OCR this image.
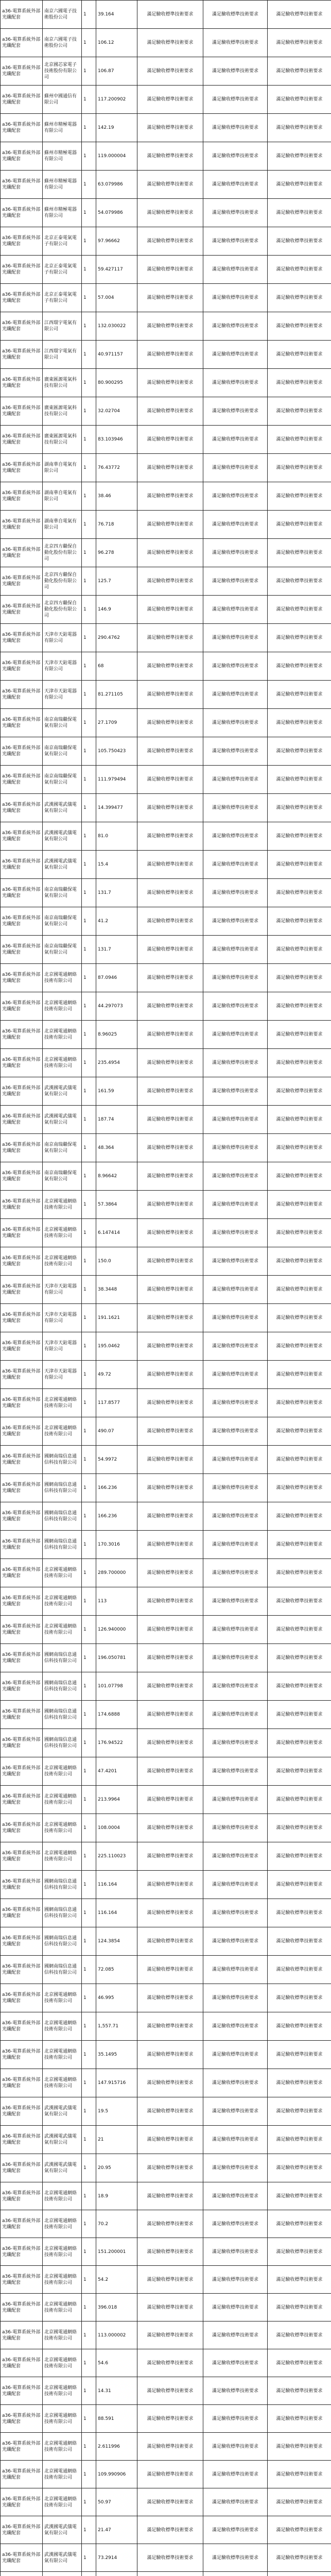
a36-電算系統外部光纖配套	南京六國電子技術股份公司	1	39.164	滿足驗收標準技術要求	滿足驗收標準技術要求	滿足驗收標準技術要求
a36-電算系統外部光纖配套	南京六國電子技術股份公司	1	106.12	滿足驗收標準技術要求	滿足驗收標準技術要求	滿足驗收標準技術要求
a36-電算系統外部光纖配套	北京國芯家電子技術股份有限公司	1	106.87	滿足驗收標準技術要求	滿足驗收標準技術要求	滿足驗收標準技術要求
a36-電算系統外部光纖配套	蘇州中國通信有限公司	1	117.200902	滿足驗收標準技術要求	滿足驗收標準技術要求	滿足驗收標準技術要求
a36-電算系統外部光纖配套	蘇州市精極電器有限公司	1	142.19	滿足驗收標準技術要求	滿足驗收標準技術要求	滿足驗收標準技術要求
a36-電算系統外部光纖配套	蘇州市精極電器有限公司	1	119.000004	滿足驗收標準技術要求	滿足驗收標準技術要求	滿足驗收標準技術要求
a36-電算系統外部光纖配套	蘇州市精極電器有限公司	1	63.079986	滿足驗收標準技術要求	滿足驗收標準技術要求	滿足驗收標準技術要求
a36-電算系統外部光纖配套	蘇州市精極電器有限公司	1	54.079986	滿足驗收標準技術要求	滿足驗收標準技術要求	滿足驗收標準技術要求
a36-電算系統外部光纖配套	北京正泰電氣電子有限公司	1	97.96662	滿足驗收標準技術要求	滿足驗收標準技術要求	滿足驗收標準技術要求
a36-電算系統外部光纖配套	北京正泰電氣電子有限公司	1	59.427117	滿足驗收標準技術要求	滿足驗收標準技術要求	滿足驗收標準技術要求
a36-電算系統外部光纖配套	北京正泰電氣電子有限公司	1	57.004	滿足驗收標準技術要求	滿足驗收標準技術要求	滿足驗收標準技術要求
a36-電算系統外部光纖配套	江西環宇電氣有限公司	1	132.030022	滿足驗收標準技術要求	滿足驗收標準技術要求	滿足驗收標準技術要求
a36-電算系統外部光纖配套	江西環宇電氣有限公司	1	40.971157	滿足驗收標準技術要求	滿足驗收標準技術要求	滿足驗收標準技術要求
a36-電算系統外部光纖配套	廣東匯源電氣科技有限公司	1	80.900295	滿足驗收標準技術要求	滿足驗收標準技術要求	滿足驗收標準技術要求
a36-電算系統外部光纖配套	廣東匯源電氣科技有限公司	1	32.02704	滿足驗收標準技術要求	滿足驗收標準技術要求	滿足驗收標準技術要求
a36-電算系統外部光纖配套	廣東匯源電氣科技有限公司	1	83.103946	滿足驗收標準技術要求	滿足驗收標準技術要求	滿足驗收標準技術要求
a36-電算系統外部光纖配套	湖南華自電氣有限公司	1	76.43772	滿足驗收標準技術要求	滿足驗收標準技術要求	滿足驗收標準技術要求
a36-電算系統外部光纖配套	湖南華自電氣有限公司	1	38.46	滿足驗收標準技術要求	滿足驗收標準技術要求	滿足驗收標準技術要求
a36-電算系統外部光纖配套	湖南華自電氣有限公司	1	76.718	滿足驗收標準技術要求	滿足驗收標準技術要求	滿足驗收標準技術要求
a36-電算系統外部光纖配套	北京四方繼保自動化股份有限公司	1	96.278	滿足驗收標準技術要求	滿足驗收標準技術要求	滿足驗收標準技術要求
a36-電算系統外部光纖配套	北京四方繼保自動化股份有限公司	1	125.7	滿足驗收標準技術要求	滿足驗收標準技術要求	滿足驗收標準技術要求
a36-電算系統外部光纖配套	北京四方繼保自動化股份有限公司	1	146.9	滿足驗收標準技術要求	滿足驗收標準技術要求	滿足驗收標準技術要求
a36-電算系統外部光纖配套	天津市天鉆電器有限公司	1	290.4762	滿足驗收標準技術要求	滿足驗收標準技術要求	滿足驗收標準技術要求
a36-電算系統外部光纖配套	天津市天鉆電器有限公司	1	68	滿足驗收標準技術要求	滿足驗收標準技術要求	滿足驗收標準技術要求
a36-電算系統外部光纖配套	天津市天鉆電器有限公司	1	81.271105	滿足驗收標準技術要求	滿足驗收標準技術要求	滿足驗收標準技術要求
a36-電算系統外部光纖配套	南京南瑞繼保電氣有限公司	1	27.1709	滿足驗收標準技術要求	滿足驗收標準技術要求	滿足驗收標準技術要求
a36-電算系統外部光纖配套	南京南瑞繼保電氣有限公司	1	105.750423	滿足驗收標準技術要求	滿足驗收標準技術要求	滿足驗收標準技術要求
a36-電算系統外部光纖配套	南京南瑞繼保電氣有限公司	1	111.979494	滿足驗收標準技術要求	滿足驗收標準技術要求	滿足驗收標準技術要求
a36-電算系統外部光纖配套	武漢國電武儀電氣有限公司	1	14.399477	滿足驗收標準技術要求	滿足驗收標準技術要求	滿足驗收標準技術要求
a36-電算系統外部光纖配套	武漢國電武儀電氣有限公司	1	81.0	滿足驗收標準技術要求	滿足驗收標準技術要求	滿足驗收標準技術要求
a36-電算系統外部光纖配套	武漢國電武儀電氣有限公司	1	15.4	滿足驗收標準技術要求	滿足驗收標準技術要求	滿足驗收標準技術要求
a36-電算系統外部光纖配套	南京南瑞繼保電氣有限公司	1	131.7	滿足驗收標準技術要求	滿足驗收標準技術要求	滿足驗收標準技術要求
a36-電算系統外部光纖配套	南京南瑞繼保電氣有限公司	1	41.2	滿足驗收標準技術要求	滿足驗收標準技術要求	滿足驗收標準技術要求
a36-電算系統外部光纖配套	南京南瑞繼保電氣有限公司	1	131.7	滿足驗收標準技術要求	滿足驗收標準技術要求	滿足驗收標準技術要求
a36-電算系統外部光纖配套	北京國電通網絡技術有限公司	1	87.0946	滿足驗收標準技術要求	滿足驗收標準技術要求	滿足驗收標準技術要求
a36-電算系統外部光纖配套	北京國電通網絡技術有限公司	1	44.297073	滿足驗收標準技術要求	滿足驗收標準技術要求	滿足驗收標準技術要求
a36-電算系統外部光纖配套	北京國電通網絡技術有限公司	1	8.96025	滿足驗收標準技術要求	滿足驗收標準技術要求	滿足驗收標準技術要求
a36-電算系統外部光纖配套	北京國電通網絡技術有限公司	1	235.4954	滿足驗收標準技術要求	滿足驗收標準技術要求	滿足驗收標準技術要求
a36-電算系統外部光纖配套	武漢國電武儀電氣有限公司	1	161.59	滿足驗收標準技術要求	滿足驗收標準技術要求	滿足驗收標準技術要求
a36-電算系統外部光纖配套	武漢國電武儀電氣有限公司	1	187.74	滿足驗收標準技術要求	滿足驗收標準技術要求	滿足驗收標準技術要求
a36-電算系統外部光纖配套	南京南瑞繼保電氣有限公司	1	48.364	滿足驗收標準技術要求	滿足驗收標準技術要求	滿足驗收標準技術要求
a36-電算系統外部光纖配套	南京南瑞繼保電氣有限公司	1	8.96642	滿足驗收標準技術要求	滿足驗收標準技術要求	滿足驗收標準技術要求
a36-電算系統外部光纖配套	北京國電通網絡技術有限公司	1	57.3864	滿足驗收標準技術要求	滿足驗收標準技術要求	滿足驗收標準技術要求
a36-電算系統外部光纖配套	北京國電通網絡技術有限公司	1	6.147414	滿足驗收標準技術要求	滿足驗收標準技術要求	滿足驗收標準技術要求
a36-電算系統外部光纖配套	北京國電通網絡技術有限公司	1	150.0	滿足驗收標準技術要求	滿足驗收標準技術要求	滿足驗收標準技術要求
a36-電算系統外部光纖配套	天津市天鉆電器有限公司	1	38.3448	滿足驗收標準技術要求	滿足驗收標準技術要求	滿足驗收標準技術要求
a36-電算系統外部光纖配套	天津市天鉆電器有限公司	1	191.1621	滿足驗收標準技術要求	滿足驗收標準技術要求	滿足驗收標準技術要求
a36-電算系統外部光纖配套	天津市天鉆電器有限公司	1	195.0462	滿足驗收標準技術要求	滿足驗收標準技術要求	滿足驗收標準技術要求
a36-電算系統外部光纖配套	天津市天鉆電器有限公司	1	49.72	滿足驗收標準技術要求	滿足驗收標準技術要求	滿足驗收標準技術要求
a36-電算系統外部光纖配套	北京國電通網絡技術有限公司	1	117.8577	滿足驗收標準技術要求	滿足驗收標準技術要求	滿足驗收標準技術要求
a36-電算系統外部光纖配套	北京國電通網絡技術有限公司	1	490.07	滿足驗收標準技術要求	滿足驗收標準技術要求	滿足驗收標準技術要求
a36-電算系統外部光纖配套	國網南瑞信息通信科技有限公司	1	54.9972	滿足驗收標準技術要求	滿足驗收標準技術要求	滿足驗收標準技術要求
a36-電算系統外部光纖配套	國網南瑞信息通信科技有限公司	1	166.236	滿足驗收標準技術要求	滿足驗收標準技術要求	滿足驗收標準技術要求
a36-電算系統外部光纖配套	國網南瑞信息通信科技有限公司	1	166.236	滿足驗收標準技術要求	滿足驗收標準技術要求	滿足驗收標準技術要求
a36-電算系統外部光纖配套	國網南瑞信息通信科技有限公司	1	170.3016	滿足驗收標準技術要求	滿足驗收標準技術要求	滿足驗收標準技術要求
a36-電算系統外部光纖配套	北京國電通網絡技術有限公司	1	289.700000	滿足驗收標準技術要求	滿足驗收標準技術要求	滿足驗收標準技術要求
a36-電算系統外部光纖配套	北京國電通網絡技術有限公司	1	113	滿足驗收標準技術要求	滿足驗收標準技術要求	滿足驗收標準技術要求
a36-電算系統外部光纖配套	北京國電通網絡技術有限公司	1	126.940000	滿足驗收標準技術要求	滿足驗收標準技術要求	滿足驗收標準技術要求
a36-電算系統外部光纖配套	國網南瑞信息通信科技有限公司	1	196.050781	滿足驗收標準技術要求	滿足驗收標準技術要求	滿足驗收標準技術要求
a36-電算系統外部光纖配套	國網南瑞信息通信科技有限公司	1	101.07798	滿足驗收標準技術要求	滿足驗收標準技術要求	滿足驗收標準技術要求
a36-電算系統外部光纖配套	國網南瑞信息通信科技有限公司	1	174.6888	滿足驗收標準技術要求	滿足驗收標準技術要求	滿足驗收標準技術要求
a36-電算系統外部光纖配套	國網南瑞信息通信科技有限公司	1	176.94522	滿足驗收標準技術要求	滿足驗收標準技術要求	滿足驗收標準技術要求
a36-電算系統外部光纖配套	北京國電通網絡技術有限公司	1	47.4201	滿足驗收標準技術要求	滿足驗收標準技術要求	滿足驗收標準技術要求
a36-電算系統外部光纖配套	北京國電通網絡技術有限公司	1	213.9964	滿足驗收標準技術要求	滿足驗收標準技術要求	滿足驗收標準技術要求
a36-電算系統外部光纖配套	北京國電通網絡技術有限公司	1	108.0004	滿足驗收標準技術要求	滿足驗收標準技術要求	滿足驗收標準技術要求
a36-電算系統外部光纖配套	北京國電通網絡技術有限公司	1	225.110023	滿足驗收標準技術要求	滿足驗收標準技術要求	滿足驗收標準技術要求
a36-電算系統外部光纖配套	國網南瑞信息通信科技有限公司	1	116.164	滿足驗收標準技術要求	滿足驗收標準技術要求	滿足驗收標準技術要求
a36-電算系統外部光纖配套	國網南瑞信息通信科技有限公司	1	116.164	滿足驗收標準技術要求	滿足驗收標準技術要求	滿足驗收標準技術要求
a36-電算系統外部光纖配套	國網南瑞信息通信科技有限公司	1	124.3854	滿足驗收標準技術要求	滿足驗收標準技術要求	滿足驗收標準技術要求
a36-電算系統外部光纖配套	國網南瑞信息通信科技有限公司	1	72.085	滿足驗收標準技術要求	滿足驗收標準技術要求	滿足驗收標準技術要求
a36-電算系統外部光纖配套	北京國電通網絡技術有限公司	1	46.995	滿足驗收標準技術要求	滿足驗收標準技術要求	滿足驗收標準技術要求
a36-電算系統外部光纖配套	北京國電通網絡技術有限公司	1	1,557.71	滿足驗收標準技術要求	滿足驗收標準技術要求	滿足驗收標準技術要求
a36-電算系統外部光纖配套	北京國電通網絡技術有限公司	1	35.1495	滿足驗收標準技術要求	滿足驗收標準技術要求	滿足驗收標準技術要求
a36-電算系統外部光纖配套	北京國電通網絡技術有限公司	1	147.915716	滿足驗收標準技術要求	滿足驗收標準技術要求	滿足驗收標準技術要求
a36-電算系統外部光纖配套	武漢國電武儀電氣有限公司	1	19.5	滿足驗收標準技術要求	滿足驗收標準技術要求	滿足驗收標準技術要求
a36-電算系統外部光纖配套	武漢國電武儀電氣有限公司	1	21	滿足驗收標準技術要求	滿足驗收標準技術要求	滿足驗收標準技術要求
a36-電算系統外部光纖配套	武漢國電武儀電氣有限公司	1	20.95	滿足驗收標準技術要求	滿足驗收標準技術要求	滿足驗收標準技術要求
a36-電算系統外部光纖配套	北京國電通網絡技術有限公司	1	18.9	滿足驗收標準技術要求	滿足驗收標準技術要求	滿足驗收標準技術要求
a36-電算系統外部光纖配套	北京國電通網絡技術有限公司	1	70.2	滿足驗收標準技術要求	滿足驗收標準技術要求	滿足驗收標準技術要求
a36-電算系統外部光纖配套	北京國電通網絡技術有限公司	1	151.200001	滿足驗收標準技術要求	滿足驗收標準技術要求	滿足驗收標準技術要求
a36-電算系統外部光纖配套	北京國電通網絡技術有限公司	1	54.2	滿足驗收標準技術要求	滿足驗收標準技術要求	滿足驗收標準技術要求
a36-電算系統外部光纖配套	北京國電通網絡技術有限公司	1	396.018	滿足驗收標準技術要求	滿足驗收標準技術要求	滿足驗收標準技術要求
a36-電算系統外部光纖配套	北京國電通網絡技術有限公司	1	113.000002	滿足驗收標準技術要求	滿足驗收標準技術要求	滿足驗收標準技術要求
a36-電算系統外部光纖配套	北京國電通網絡技術有限公司	1	54.6	滿足驗收標準技術要求	滿足驗收標準技術要求	滿足驗收標準技術要求
a36-電算系統外部光纖配套	北京國電通網絡技術有限公司	1	14.31	滿足驗收標準技術要求	滿足驗收標準技術要求	滿足驗收標準技術要求
a36-電算系統外部光纖配套	北京國電通網絡技術有限公司	1	88.591	滿足驗收標準技術要求	滿足驗收標準技術要求	滿足驗收標準技術要求
a36-電算系統外部光纖配套	北京國電通網絡技術有限公司	1	2.611996	滿足驗收標準技術要求	滿足驗收標準技術要求	滿足驗收標準技術要求
a36-電算系統外部光纖配套	北京國電通網絡技術有限公司	1	109.990906	滿足驗收標準技術要求	滿足驗收標準技術要求	滿足驗收標準技術要求
a36-電算系統外部光纖配套	北京國電通網絡技術有限公司	1	50.97	滿足驗收標準技術要求	滿足驗收標準技術要求	滿足驗收標準技術要求
a36-電算系統外部光纖配套	武漢國電武儀電氣有限公司	1	21.47	滿足驗收標準技術要求	滿足驗收標準技術要求	滿足驗收標準技術要求
a36-電算系統外部光纖配套	武漢國電武儀電氣有限公司	1	73.2914	滿足驗收標準技術要求	滿足驗收標準技術要求	滿足驗收標準技術要求
